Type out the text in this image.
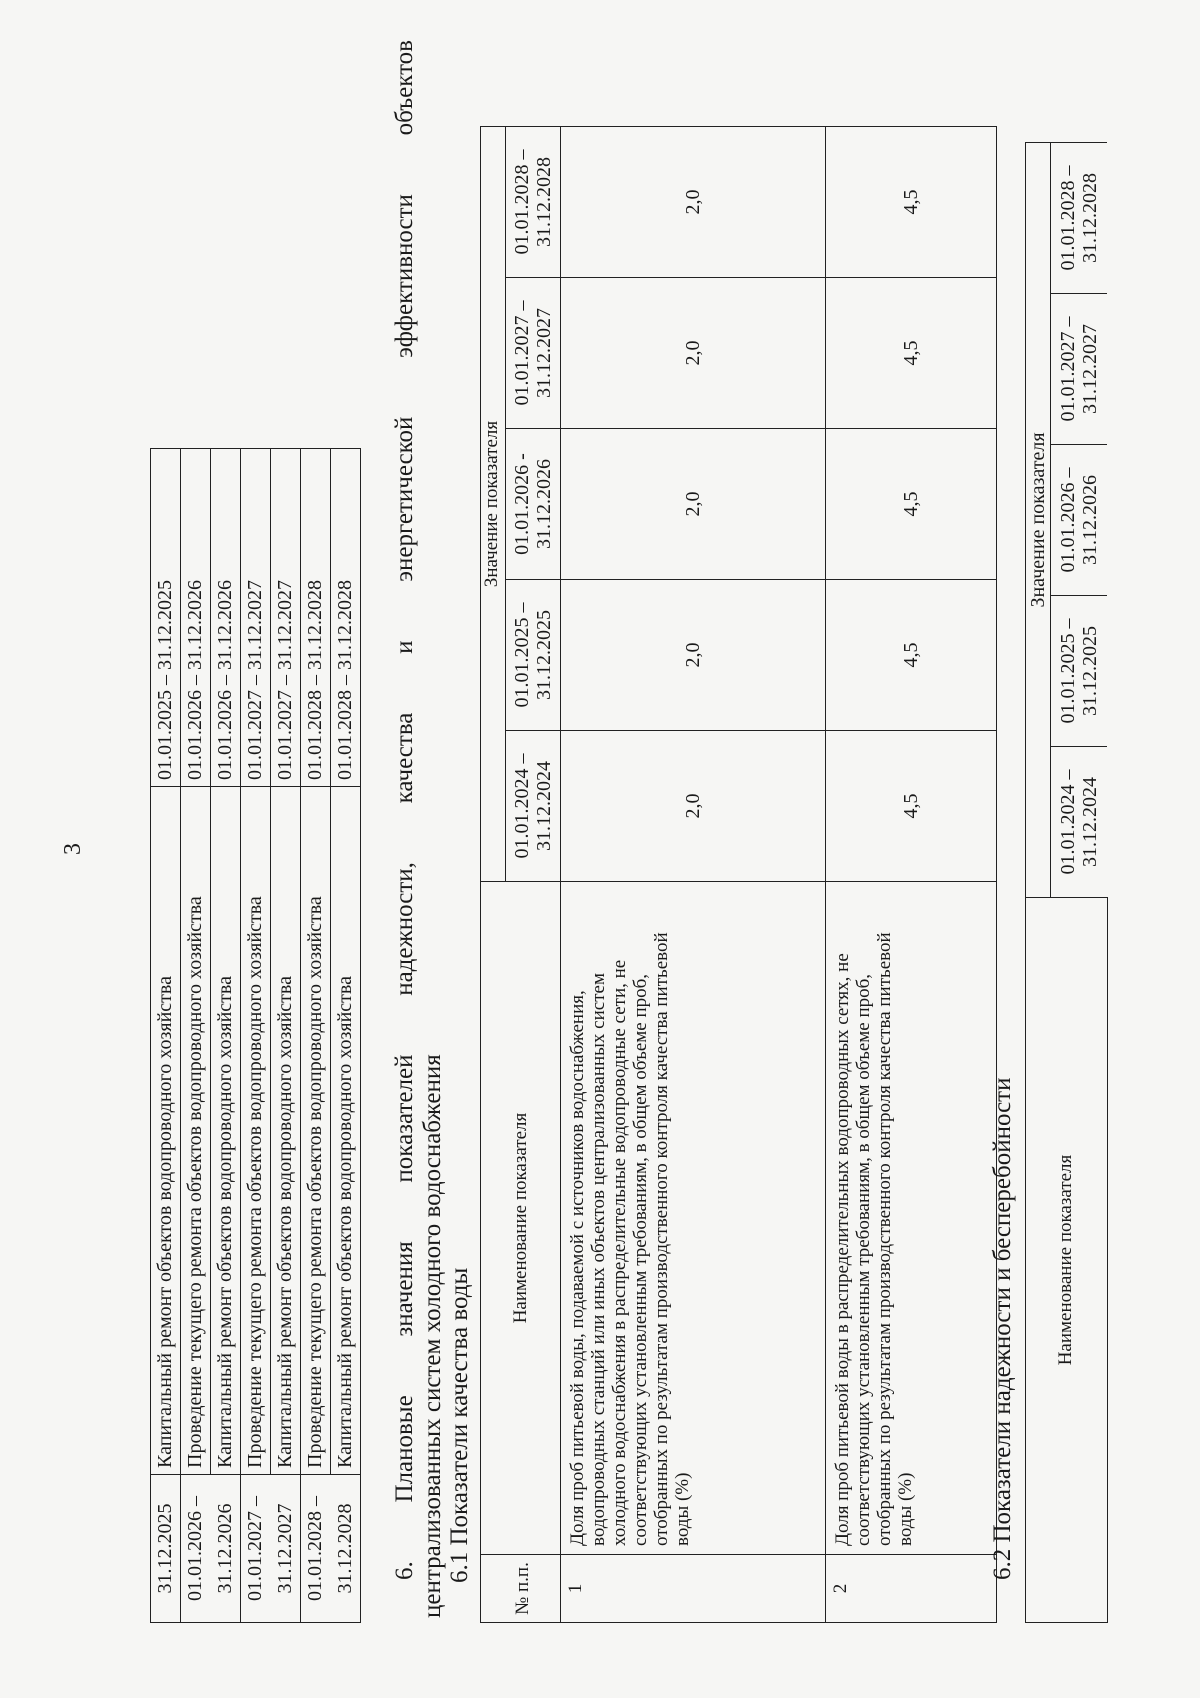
3
31.12.2025	Капитальный ремонт объектов водопроводного хозяйства	01.01.2025 – 31.12.2025
01.01.2026 –	Проведение текущего ремонта объектов водопроводного хозяйства	01.01.2026 – 31.12.2026
31.12.2026	Капитальный ремонт объектов водопроводного хозяйства	01.01.2026 – 31.12.2026
01.01.2027 –	Проведение текущего ремонта объектов водопроводного хозяйства	01.01.2027 – 31.12.2027
31.12.2027	Капитальный ремонт объектов водопроводного хозяйства	01.01.2027 – 31.12.2027
01.01.2028 –	Проведение текущего ремонта объектов водопроводного хозяйства	01.01.2028 – 31.12.2028
31.12.2028	Капитальный ремонт объектов водопроводного хозяйства	01.01.2028 – 31.12.2028 6. Плановые значения показателей надежности, качества и энергетической эффективности объектов централизованных систем холодного водоснабжения 6.1 Показатели качества воды
№ п.п.	Наименование показателя	Значение показателя				
		01.01.2024 – 31.12.2024	01.01.2025 – 31.12.2025	01.01.2026 - 31.12.2026	01.01.2027 – 31.12.2027	01.01.2028 – 31.12.2028
1	Доля проб питьевой воды, подаваемой с источников водоснабжения, водопроводных станций или иных объектов централизованных систем холодного водоснабжения в распределительные водопроводные сети, не соответствующих установленным требованиям, в общем объеме проб, отобранных по результатам производственного контроля качества питьевой воды (%)	2,0	2,0	2,0	2,0	2,0
2	Доля проб питьевой воды в распределительных водопроводных сетях, не соответствующих установленным требованиям, в общем объеме проб, отобранных по результатам производственного контроля качества питьевой воды (%)	4,5	4,5	4,5	4,5	4,5
6.2 Показатели надежности и бесперебойности Наименование показателя	Значение показателя				
	01.01.2024 – 31.12.2024	01.01.2025 – 31.12.2025	01.01.2026 – 31.12.2026	01.01.2027 – 31.12.2027	01.01.2028 – 31.12.2028
